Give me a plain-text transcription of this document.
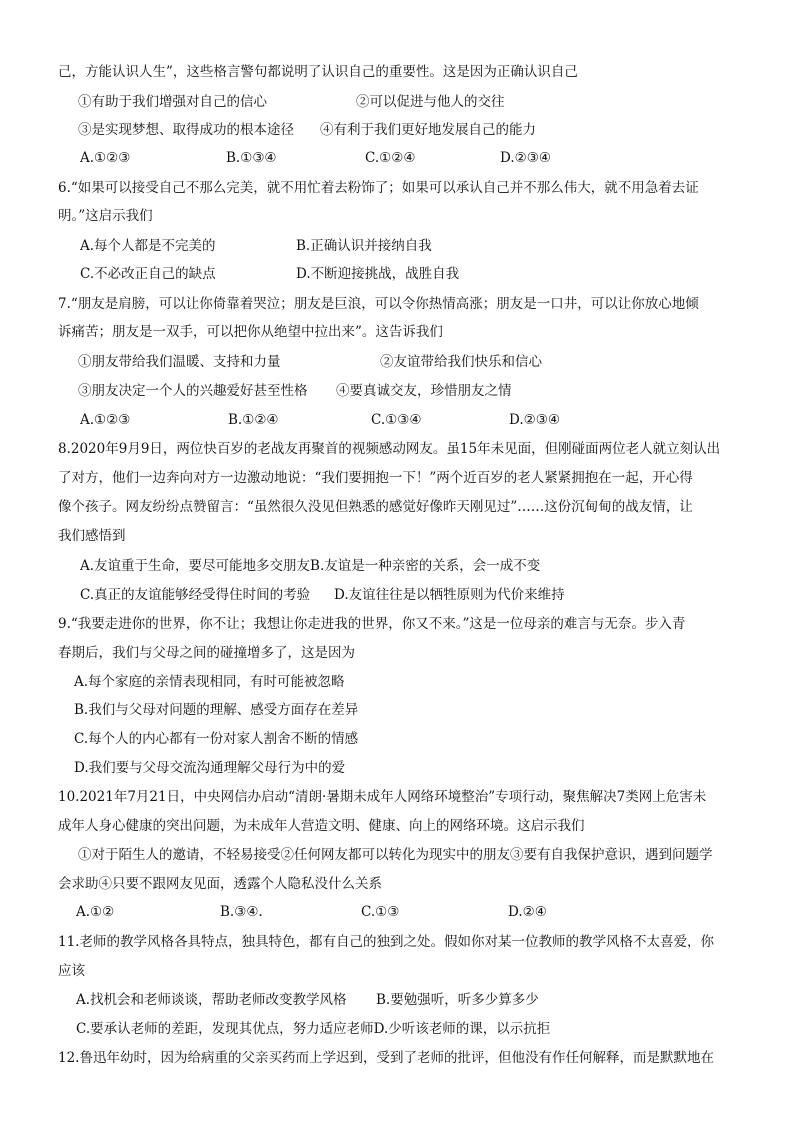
己，方能认识人生”，这些格言警句都说明了认识自己的重要性。这是因为正确认识自己
①有助于我们增强对自己的信心	②可以促进与他人的交往
③是实现梦想、取得成功的根本途径 ④有利于我们更好地发展自己的能力
A.①②③	B.①③④	C.①②④	D.②③④
6.“如果可以接受自己不那么完美，就不用忙着去粉饰了；如果可以承认自己并不那么伟大，就不用急着去证
明。”这启示我们
A.每个人都是不完美的	B.正确认识并接纳自我
C.不必改正自己的缺点	D.不断迎接挑战，战胜自我
7.“朋友是肩膀，可以让你倚靠着哭泣；朋友是巨浪，可以令你热情高涨；朋友是一口井，可以让你放心地倾
诉痛苦；朋友是一双手，可以把你从绝望中拉出来”。这告诉我们
①朋友带给我们温暖、支持和力量	②友谊带给我们快乐和信心
③朋友决定一个人的兴趣爱好甚至性格 ④要真诚交友，珍惜朋友之情
A.①②③	B.①②④	C.①③④	D.②③④
8.2020年9月9日，两位快百岁的老战友再聚首的视频感动网友。虽15年未见面，但刚碰面两位老人就立刻认出
了对方，他们一边奔向对方一边激动地说：“我们要拥抱一下！”两个近百岁的老人紧紧拥抱在一起，开心得
像个孩子。网友纷纷点赞留言：“虽然很久没见但熟悉的感觉好像昨天刚见过”……这份沉甸甸的战友情，让
我们感悟到
A.友谊重于生命，要尽可能地多交朋友B.友谊是一种亲密的关系，会一成不变
C.真正的友谊能够经受得住时间的考验 D.友谊往往是以牺牲原则为代价来维持
9.“我要走进你的世界，你不让；我想让你走进我的世界，你又不来。”这是一位母亲的难言与无奈。步入青
春期后，我们与父母之间的碰撞增多了，这是因为
A.每个家庭的亲情表现相同，有时可能被忽略
B.我们与父母对问题的理解、感受方面存在差异
C.每个人的内心都有一份对家人割舍不断的情感
D.我们要与父母交流沟通理解父母行为中的爱
10.2021年7月21日，中央网信办启动“清朗·暑期未成年人网络环境整治”专项行动，聚焦解决7类网上危害未
成年人身心健康的突出问题，为未成年人营造文明、健康、向上的网络环境。这启示我们
①对于陌生人的邀请，不轻易接受②任何网友都可以转化为现实中的朋友③要有自我保护意识，遇到问题学
会求助④只要不跟网友见面，透露个人隐私没什么关系
A.①②	B.③④.	C.①③	D.②④
11.老师的教学风格各具特点，独具特色，都有自己的独到之处。假如你对某一位教师的教学风格不太喜爱，你
应该
A.找机会和老师谈谈，帮助老师改变教学风格 B.要勉强听，听多少算多少
C.要承认老师的差距，发现其优点，努力适应老师D.少听该老师的课，以示抗拒
12.鲁迅年幼时，因为给病重的父亲买药而上学迟到，受到了老师的批评，但他没有作任何解释，而是默默地在
